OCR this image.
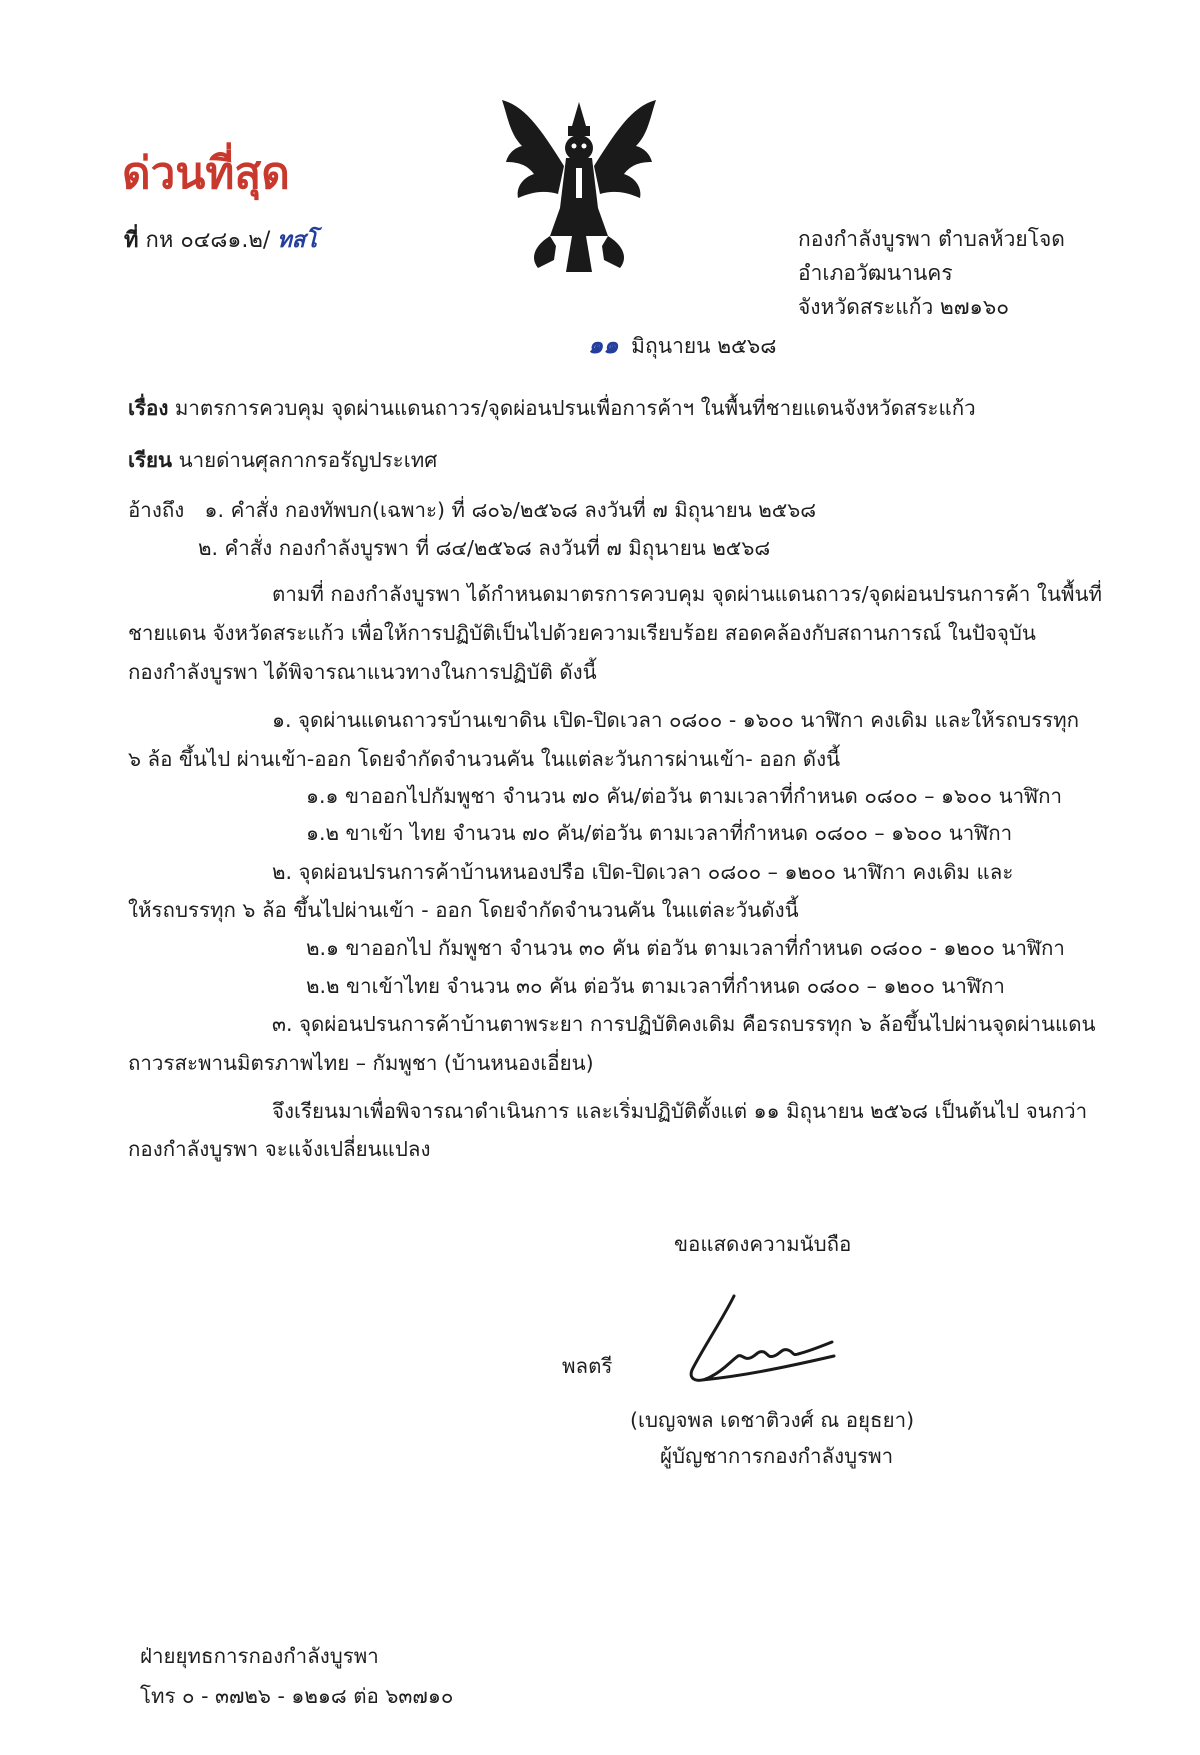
ด่วนที่สุด
ที่ กห ๐๔๘๑.๒/ ทสโ	กองกำลังบูรพา ตำบลห้วยโจด
อำเภอวัฒนานคร
จังหวัดสระแก้ว ๒๗๑๖๐
๑๑ มิถุนายน ๒๕๖๘
เรื่อง มาตรการควบคุม จุดผ่านแดนถาวร/จุดผ่อนปรนเพื่อการค้าฯ ในพื้นที่ชายแดนจังหวัดสระแก้ว
เรียน นายด่านศุลกากรอรัญประเทศ
อ้างถึง ๑. คำสั่ง กองทัพบก(เฉพาะ) ที่ ๘๐๖/๒๕๖๘ ลงวันที่ ๗ มิถุนายน ๒๕๖๘
๒. คำสั่ง กองกำลังบูรพา ที่ ๘๔/๒๕๖๘ ลงวันที่ ๗ มิถุนายน ๒๕๖๘
ตามที่ กองกำลังบูรพา ได้กำหนดมาตรการควบคุม จุดผ่านแดนถาวร/จุดผ่อนปรนการค้า ในพื้นที่
ชายแดน จังหวัดสระแก้ว เพื่อให้การปฏิบัติเป็นไปด้วยความเรียบร้อย สอดคล้องกับสถานการณ์ ในปัจจุบัน
กองกำลังบูรพา ได้พิจารณาแนวทางในการปฏิบัติ ดังนี้
๑. จุดผ่านแดนถาวรบ้านเขาดิน เปิด-ปิดเวลา ๐๘๐๐ - ๑๖๐๐ นาฬิกา คงเดิม และให้รถบรรทุก
๖ ล้อ ขึ้นไป ผ่านเข้า-ออก โดยจำกัดจำนวนคัน ในแต่ละวันการผ่านเข้า- ออก ดังนี้
๑.๑ ขาออกไปกัมพูชา จำนวน ๗๐ คัน/ต่อวัน ตามเวลาที่กำหนด ๐๘๐๐ – ๑๖๐๐ นาฬิกา
๑.๒ ขาเข้า ไทย จำนวน ๗๐ คัน/ต่อวัน ตามเวลาที่กำหนด ๐๘๐๐ – ๑๖๐๐ นาฬิกา
๒. จุดผ่อนปรนการค้าบ้านหนองปรือ เปิด-ปิดเวลา ๐๘๐๐ – ๑๒๐๐ นาฬิกา คงเดิม และ
ให้รถบรรทุก ๖ ล้อ ขึ้นไปผ่านเข้า - ออก โดยจำกัดจำนวนคัน ในแต่ละวันดังนี้
๒.๑ ขาออกไป กัมพูชา จำนวน ๓๐ คัน ต่อวัน ตามเวลาที่กำหนด ๐๘๐๐ - ๑๒๐๐ นาฬิกา
๒.๒ ขาเข้าไทย จำนวน ๓๐ คัน ต่อวัน ตามเวลาที่กำหนด ๐๘๐๐ – ๑๒๐๐ นาฬิกา
๓. จุดผ่อนปรนการค้าบ้านตาพระยา การปฏิบัติคงเดิม คือรถบรรทุก ๖ ล้อขึ้นไปผ่านจุดผ่านแดน
ถาวรสะพานมิตรภาพไทย – กัมพูชา (บ้านหนองเอี่ยน)
จึงเรียนมาเพื่อพิจารณาดำเนินการ และเริ่มปฏิบัติตั้งแต่ ๑๑ มิถุนายน ๒๕๖๘ เป็นต้นไป จนกว่า
กองกำลังบูรพา จะแจ้งเปลี่ยนแปลง
ขอแสดงความนับถือ
พลตรี
(เบญจพล เดชาติวงศ์ ณ อยุธยา)
ผู้บัญชาการกองกำลังบูรพา
ฝ่ายยุทธการกองกำลังบูรพา
โทร ๐ - ๓๗๒๖ - ๑๒๑๘ ต่อ ๖๓๗๑๐
